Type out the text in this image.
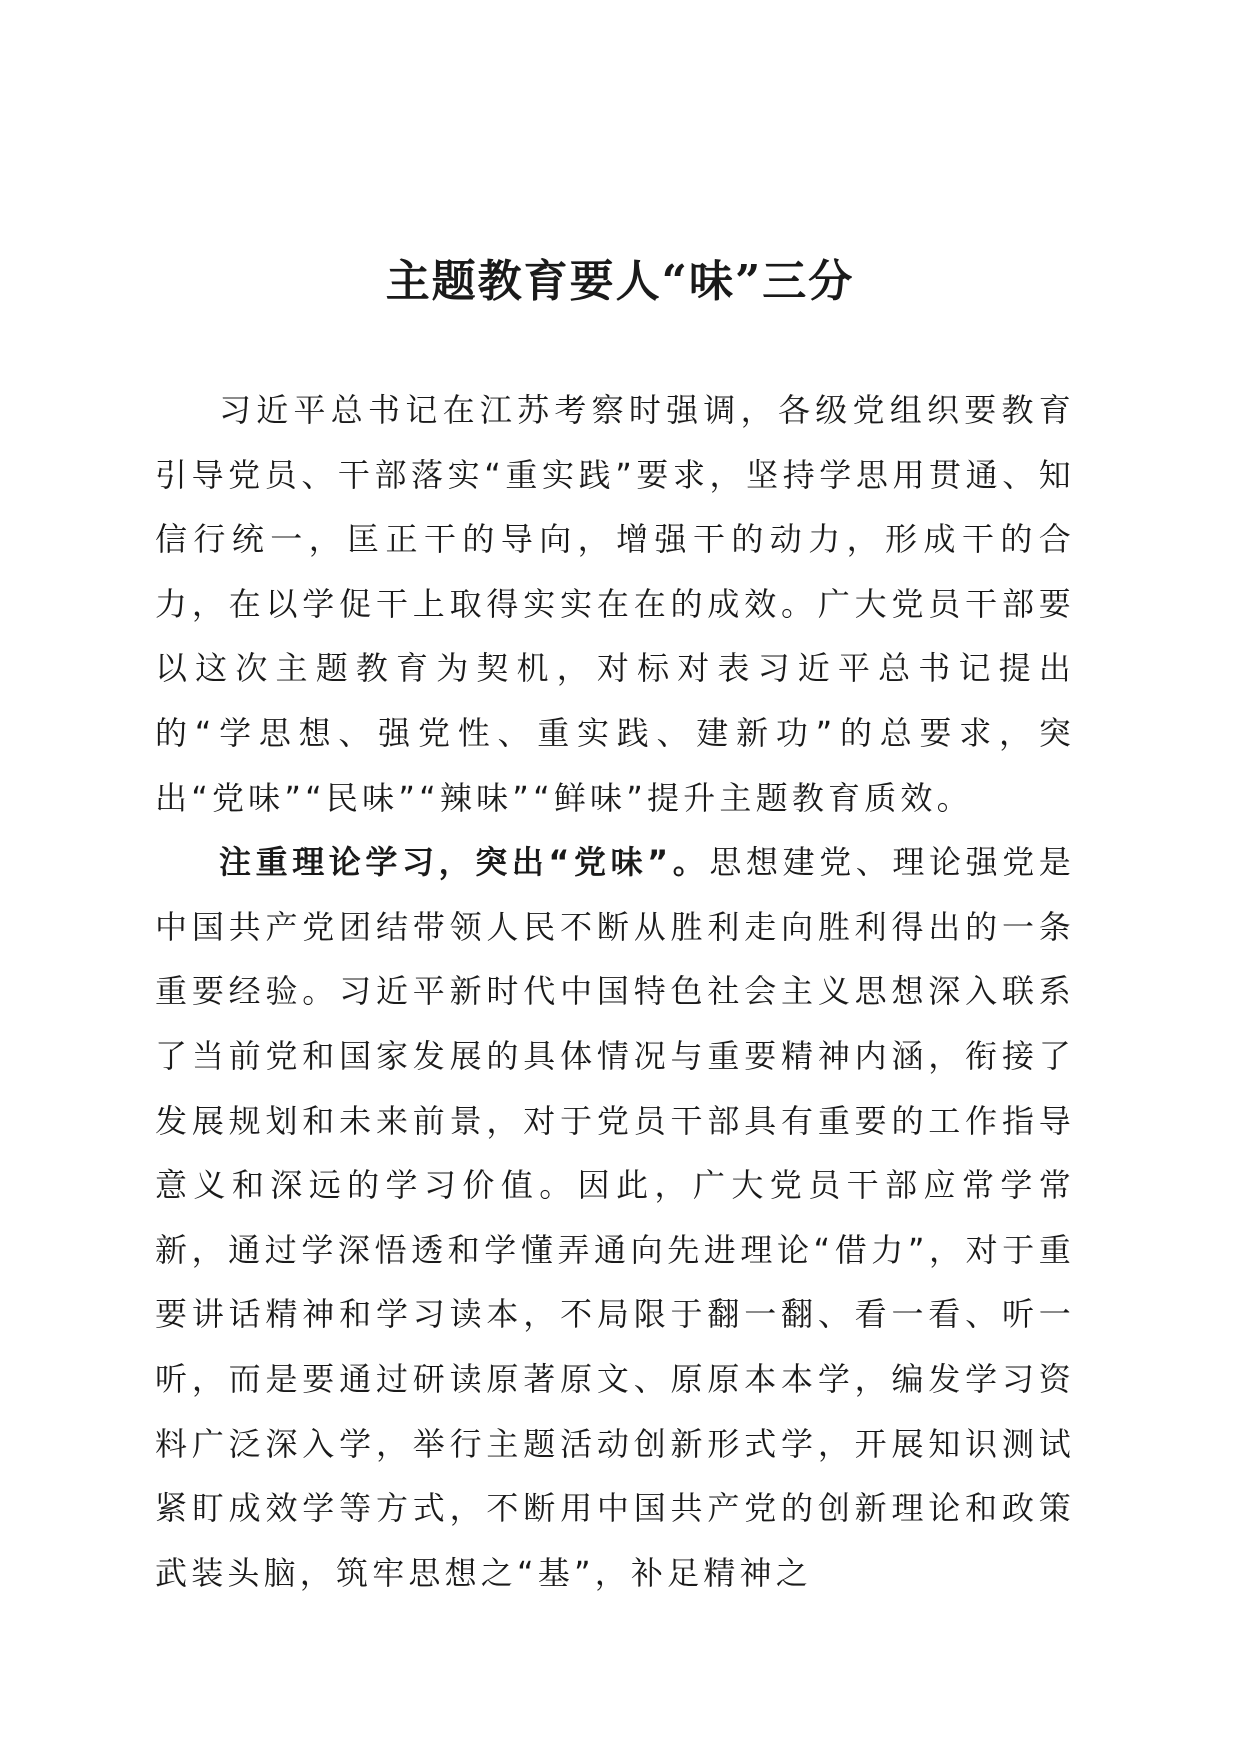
主题教育要人“味”三分

习近平总书记在江苏考察时强调，各级党组织要教育引导党员、干部落实“重实践”要求，坚持学思用贯通、知信行统一，匡正干的导向，增强干的动力，形成干的合力，在以学促干上取得实实在在的成效。广大党员干部要以这次主题教育为契机，对标对表习近平总书记提出的“学思想、强党性、重实践、建新功”的总要求，突出“党味”“民味”“辣味”“鲜味”提升主题教育质效。

注重理论学习，突出“党味”。思想建党、理论强党是中国共产党团结带领人民不断从胜利走向胜利得出的一条重要经验。习近平新时代中国特色社会主义思想深入联系了当前党和国家发展的具体情况与重要精神内涵，衔接了发展规划和未来前景，对于党员干部具有重要的工作指导意义和深远的学习价值。因此，广大党员干部应常学常新，通过学深悟透和学懂弄通向先进理论“借力”，对于重要讲话精神和学习读本，不局限于翻一翻、看一看、听一听，而是要通过研读原著原文、原原本本学，编发学习资料广泛深入学，举行主题活动创新形式学，开展知识测试紧盯成效学等方式，不断用中国共产党的创新理论和政策武装头脑，筑牢思想之“基”，补足精神之
